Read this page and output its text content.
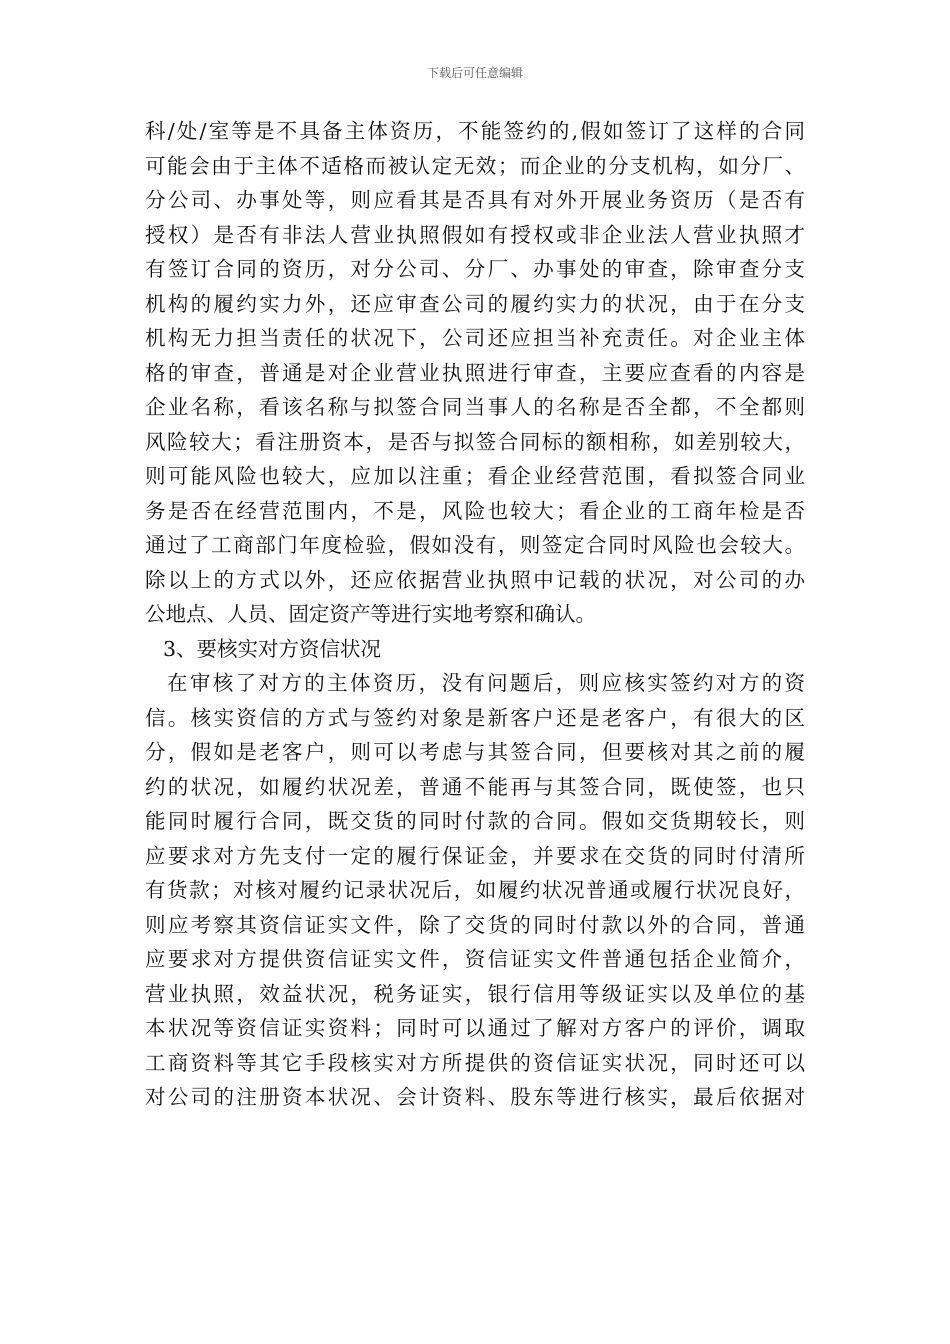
下载后可任意编辑
科/处/室等是不具备主体资历，不能签约的,假如签订了这样的合同
可能会由于主体不适格而被认定无效；而企业的分支机构，如分厂、
分公司、办事处等，则应看其是否具有对外开展业务资历（是否有
授权）是否有非法人营业执照假如有授权或非企业法人营业执照才
有签订合同的资历，对分公司、分厂、办事处的审查，除审查分支
机构的履约实力外，还应审查公司的履约实力的状况，由于在分支
机构无力担当责任的状况下，公司还应担当补充责任。对企业主体
格的审查，普通是对企业营业执照进行审查，主要应查看的内容是
企业名称，看该名称与拟签合同当事人的名称是否全都，不全都则
风险较大；看注册资本，是否与拟签合同标的额相称，如差别较大，
则可能风险也较大，应加以注重；看企业经营范围，看拟签合同业
务是否在经营范围内，不是，风险也较大；看企业的工商年检是否
通过了工商部门年度检验，假如没有，则签定合同时风险也会较大。
除以上的方式以外，还应依据营业执照中记载的状况，对公司的办
公地点、人员、固定资产等进行实地考察和确认。
3、要核实对方资信状况
在审核了对方的主体资历，没有问题后，则应核实签约对方的资
信。核实资信的方式与签约对象是新客户还是老客户，有很大的区
分，假如是老客户，则可以考虑与其签合同，但要核对其之前的履
约的状况，如履约状况差，普通不能再与其签合同，既使签，也只
能同时履行合同，既交货的同时付款的合同。假如交货期较长，则
应要求对方先支付一定的履行保证金，并要求在交货的同时付清所
有货款；对核对履约记录状况后，如履约状况普通或履行状况良好，
则应考察其资信证实文件，除了交货的同时付款以外的合同，普通
应要求对方提供资信证实文件，资信证实文件普通包括企业简介，
营业执照，效益状况，税务证实，银行信用等级证实以及单位的基
本状况等资信证实资料；同时可以通过了解对方客户的评价，调取
工商资料等其它手段核实对方所提供的资信证实状况，同时还可以
对公司的注册资本状况、会计资料、股东等进行核实，最后依据对
